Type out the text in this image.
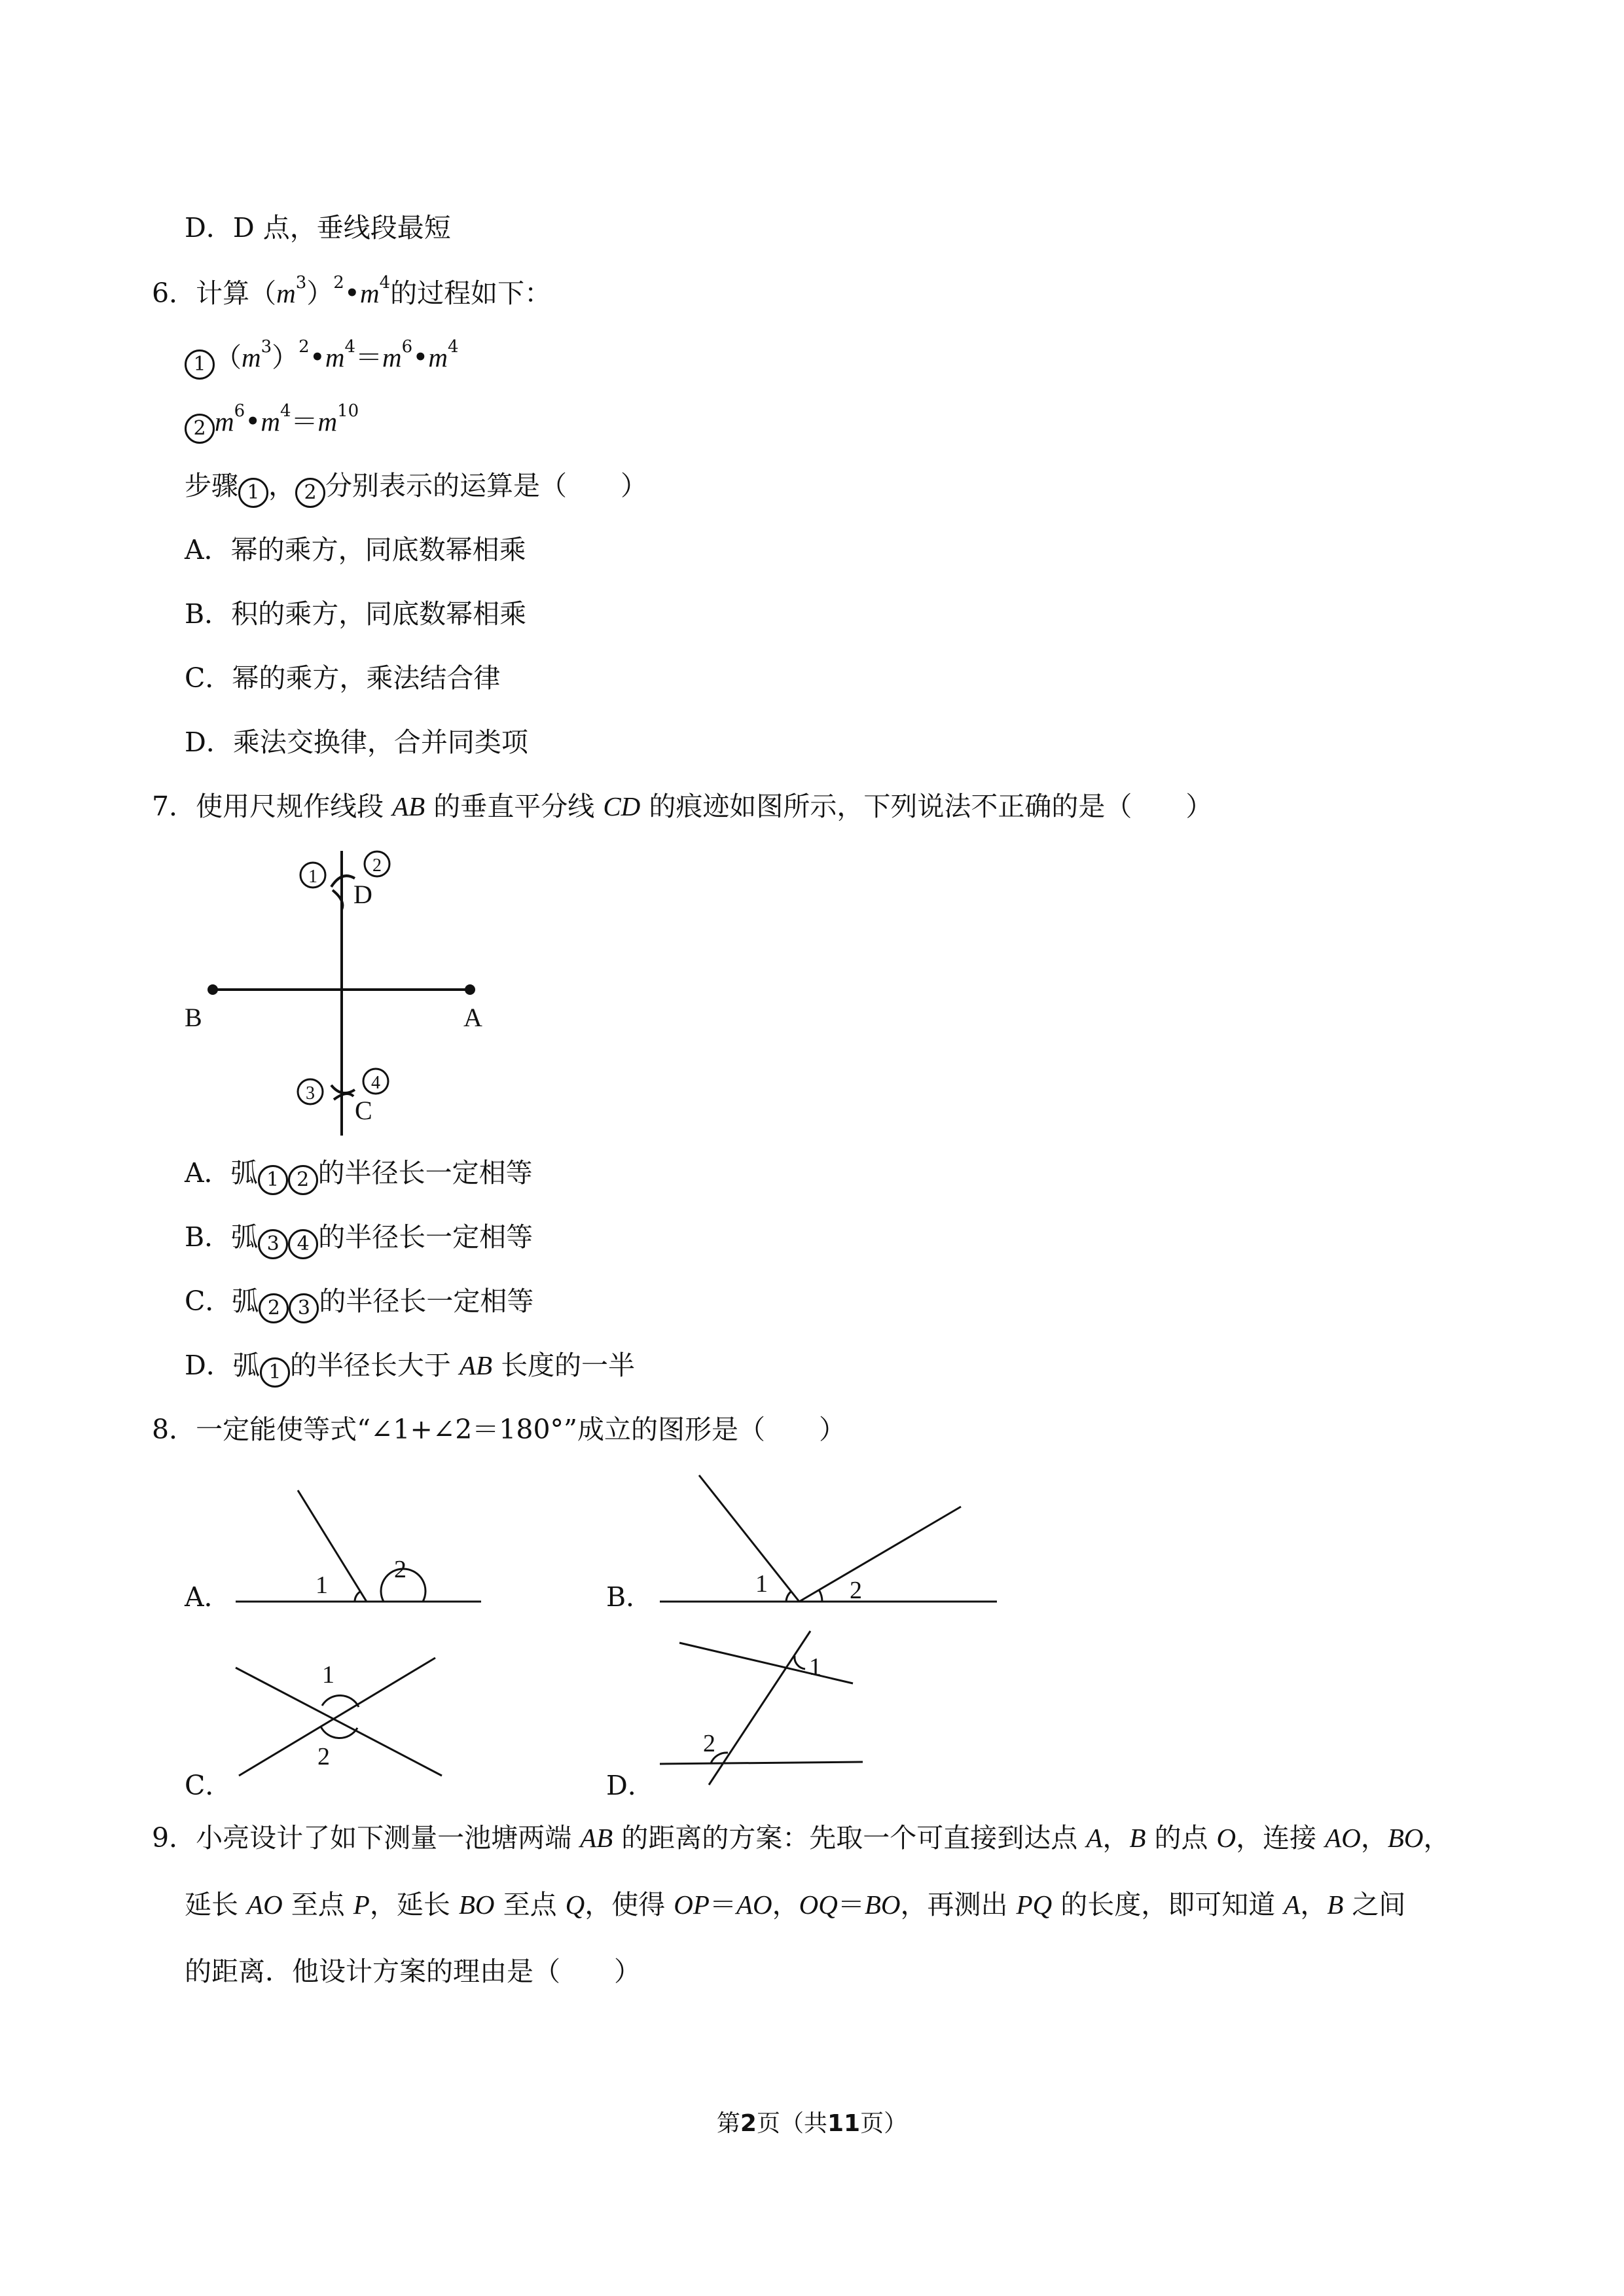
D．D 点，垂线段最短
6．计算$(m^3)^2•m^4$的过程如下：
1 $(m^3)^2•m^4=m^6•m^4$
2 $m^6•m^4=m^{10}$
步骤 1 ， 2 分别表示的运算是（　　）
A．幂的乘方，同底数幂相乘
B．积的乘方，同底数幂相乘
C．幂的乘方，乘法结合律
D．乘法交换律，合并同类项
7．使用尺规作线段 AB 的垂直平分线 CD 的痕迹如图所示，下列说法不正确的是（　　）
1
2
D
B	A
3
4
C
A．弧 1 2 的半径长一定相等
B．弧 3 4 的半径长一定相等
C．弧 2 3 的半径长一定相等
D．弧 1 的半径长大于 AB 长度的一半
8．一定能使等式“∠1+∠2＝180°”成立的图形是（　　）
A．	1
2
B．	1	2
C．
1
2
D．
1
2
9．小亮设计了如下测量一池塘两端 AB 的距离的方案：先取一个可直接到达点 A，B 的点 O，连接 AO，BO，
延长 AO 至点 P，延长 BO 至点 Q，使得 OP＝AO，OQ＝BO，再测出 PQ 的长度，即可知道 A，B 之间
的距离．他设计方案的理由是（　　）
第2页（共11页）
